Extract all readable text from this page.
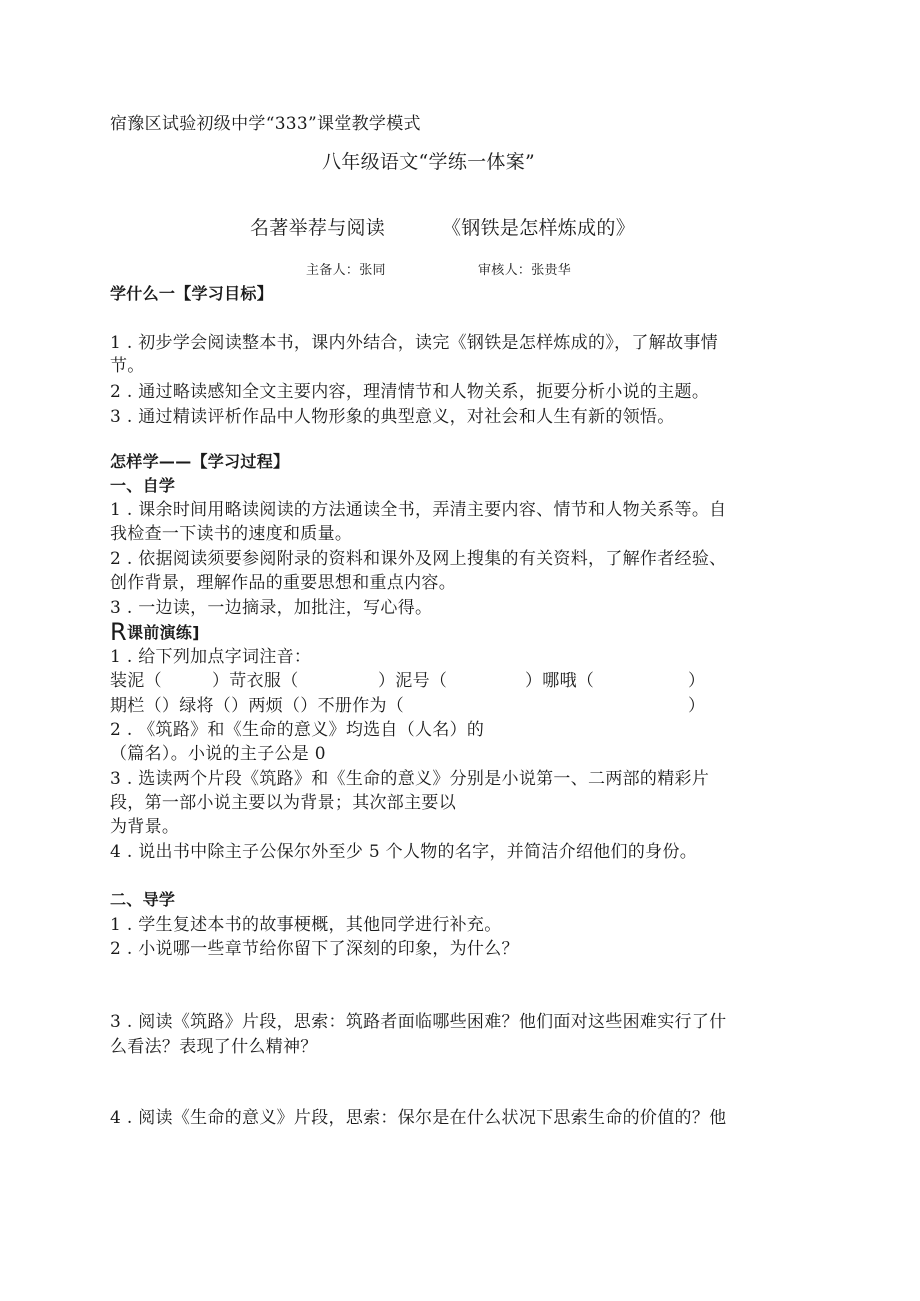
宿豫区试验初级中学“333”课堂教学模式
八年级语文“学练一体案”
名著举荐与阅读	《钢铁是怎样炼成的》
主备人：张同	审核人：张贵华
学什么一【学习目标】
1 . 初步学会阅读整本书，课内外结合，读完《钢铁是怎样炼成的》，了解故事情
节。
2 . 通过略读感知全文主要内容，理清情节和人物关系，扼要分析小说的主题。
3 . 通过精读评析作品中人物形象的典型意义，对社会和人生有新的领悟。
怎样学——【学习过程】
一、自学
1 . 课余时间用略读阅读的方法通读全书，弄清主要内容、情节和人物关系等。自
我检查一下读书的速度和质量。
2 . 依据阅读须要参阅附录的资料和课外及网上搜集的有关资料，了解作者经验、
创作背景，理解作品的重要思想和重点内容。
3 . 一边读，一边摘录，加批注，写心得。
R课前演练]
1 . 给下列加点字词注音：
装泥（	）苛衣服（	）泥号（	）哪哦（	）
期栏（）绿将（）两烦（）不册作为（	）
2 . 《筑路》和《生命的意义》均选自（人名）的
（篇名）。小说的主子公是 0
3 . 选读两个片段《筑路》和《生命的意义》分别是小说第一、二两部的精彩片
段，第一部小说主要以为背景；其次部主要以
为背景。
4 . 说出书中除主子公保尔外至少 5 个人物的名字，并简洁介绍他们的身份。
二、导学
1 . 学生复述本书的故事梗概，其他同学进行补充。
2 . 小说哪一些章节给你留下了深刻的印象，为什么？
3 . 阅读《筑路》片段，思索：筑路者面临哪些困难？他们面对这些困难实行了什
么看法？表现了什么精神？
4 . 阅读《生命的意义》片段，思索：保尔是在什么状况下思索生命的价值的？他
